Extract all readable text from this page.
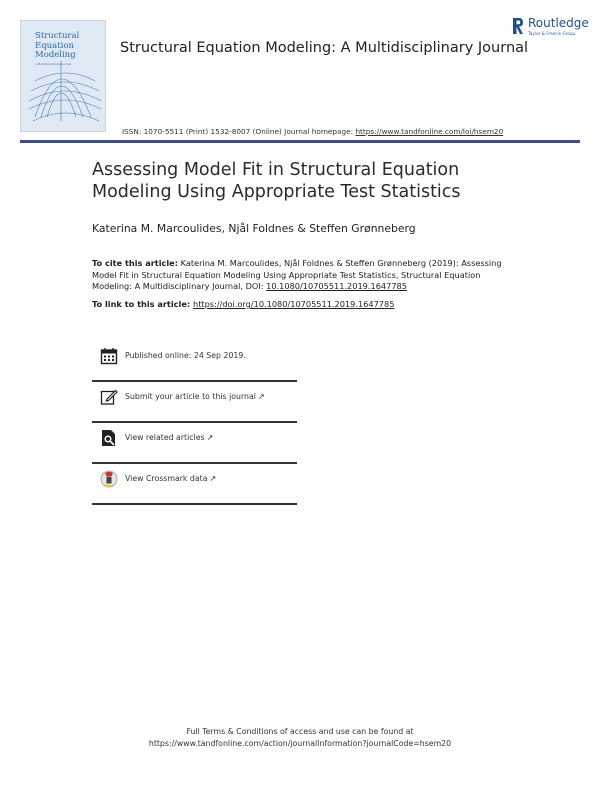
Structural
Equation
Modeling
A Multidisciplinary Journal
Structural Equation Modeling: A Multidisciplinary Journal
Routledge
Taylor & Francis Group
ISSN: 1070-5511 (Print) 1532-8007 (Online) Journal homepage: https://www.tandfonline.com/loi/hsem20
Assessing Model Fit in Structural Equation Modeling Using Appropriate Test Statistics
Katerina M. Marcoulides, Njål Foldnes & Steffen Grønneberg
To cite this article: Katerina M. Marcoulides, Njål Foldnes & Steffen Grønneberg (2019): Assessing Model Fit in Structural Equation Modeling Using Appropriate Test Statistics, Structural Equation Modeling: A Multidisciplinary Journal, DOI: 10.1080/10705511.2019.1647785
To link to this article: https://doi.org/10.1080/10705511.2019.1647785
Published online: 24 Sep 2019.
Submit your article to this journal ↗
View related articles ↗
View Crossmark data ↗
Full Terms & Conditions of access and use can be found at
https://www.tandfonline.com/action/journalInformation?journalCode=hsem20
